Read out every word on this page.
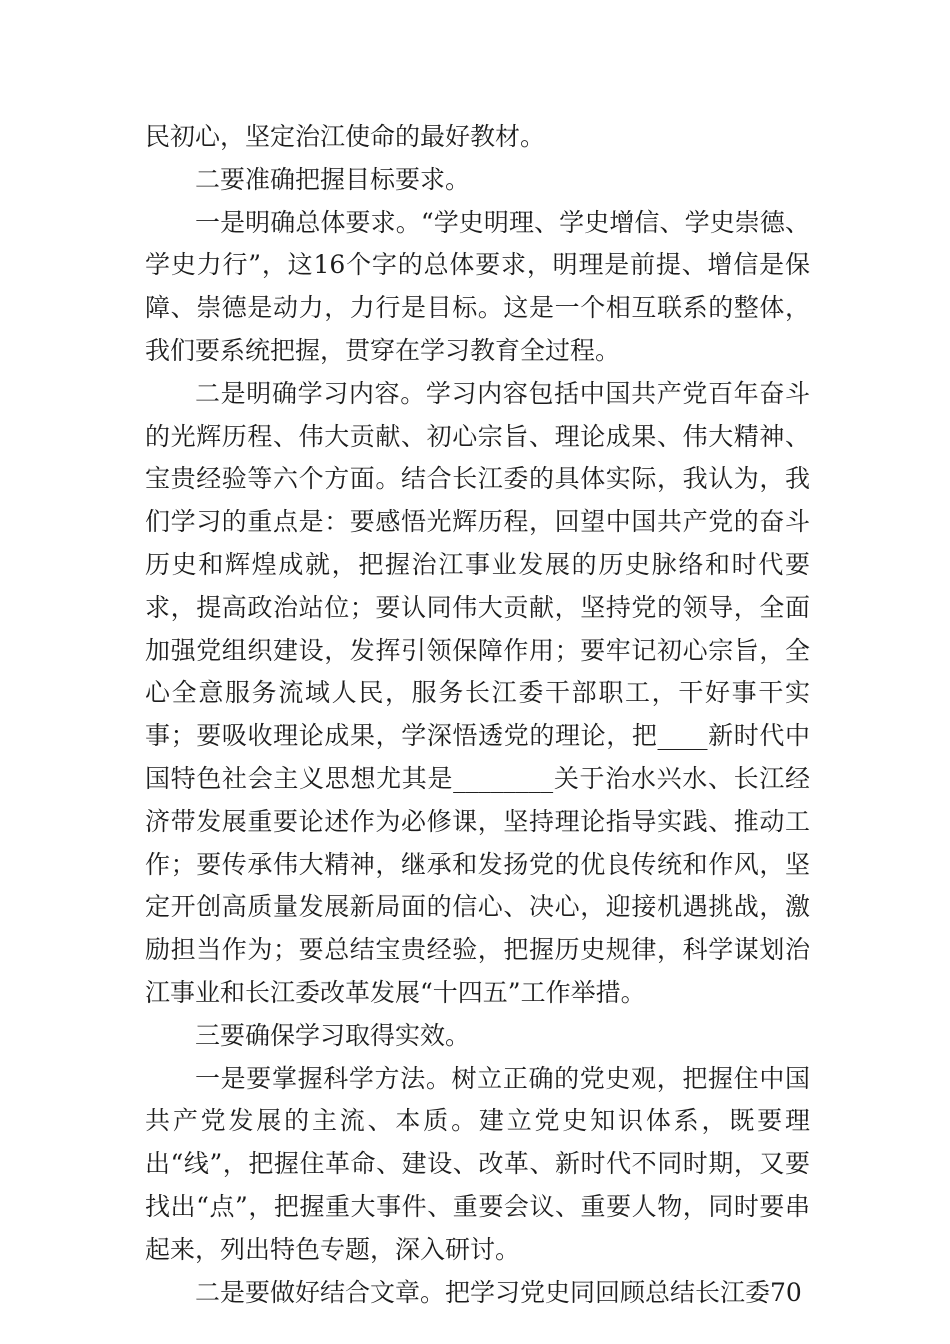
民初心，坚定治江使命的最好教材。

二要准确把握目标要求。

一是明确总体要求。“学史明理、学史增信、学史崇德、学史力行”，这16个字的总体要求，明理是前提、增信是保障、崇德是动力，力行是目标。这是一个相互联系的整体，我们要系统把握，贯穿在学习教育全过程。

二是明确学习内容。学习内容包括中国共产党百年奋斗的光辉历程、伟大贡献、初心宗旨、理论成果、伟大精神、宝贵经验等六个方面。结合长江委的具体实际，我认为，我们学习的重点是：要感悟光辉历程，回望中国共产党的奋斗历史和辉煌成就，把握治江事业发展的历史脉络和时代要求，提高政治站位；要认同伟大贡献，坚持党的领导，全面加强党组织建设，发挥引领保障作用；要牢记初心宗旨，全心全意服务流域人民，服务长江委干部职工，干好事干实事；要吸收理论成果，学深悟透党的理论，把____新时代中国特色社会主义思想尤其是________关于治水兴水、长江经济带发展重要论述作为必修课，坚持理论指导实践、推动工作；要传承伟大精神，继承和发扬党的优良传统和作风，坚定开创高质量发展新局面的信心、决心，迎接机遇挑战，激励担当作为；要总结宝贵经验，把握历史规律，科学谋划治江事业和长江委改革发展“十四五”工作举措。

三要确保学习取得实效。

一是要掌握科学方法。树立正确的党史观，把握住中国共产党发展的主流、本质。建立党史知识体系，既要理出“线”，把握住革命、建设、改革、新时代不同时期，又要找出“点”，把握重大事件、重要会议、重要人物，同时要串起来，列出特色专题，深入研讨。

二是要做好结合文章。把学习党史同回顾总结长江委70
